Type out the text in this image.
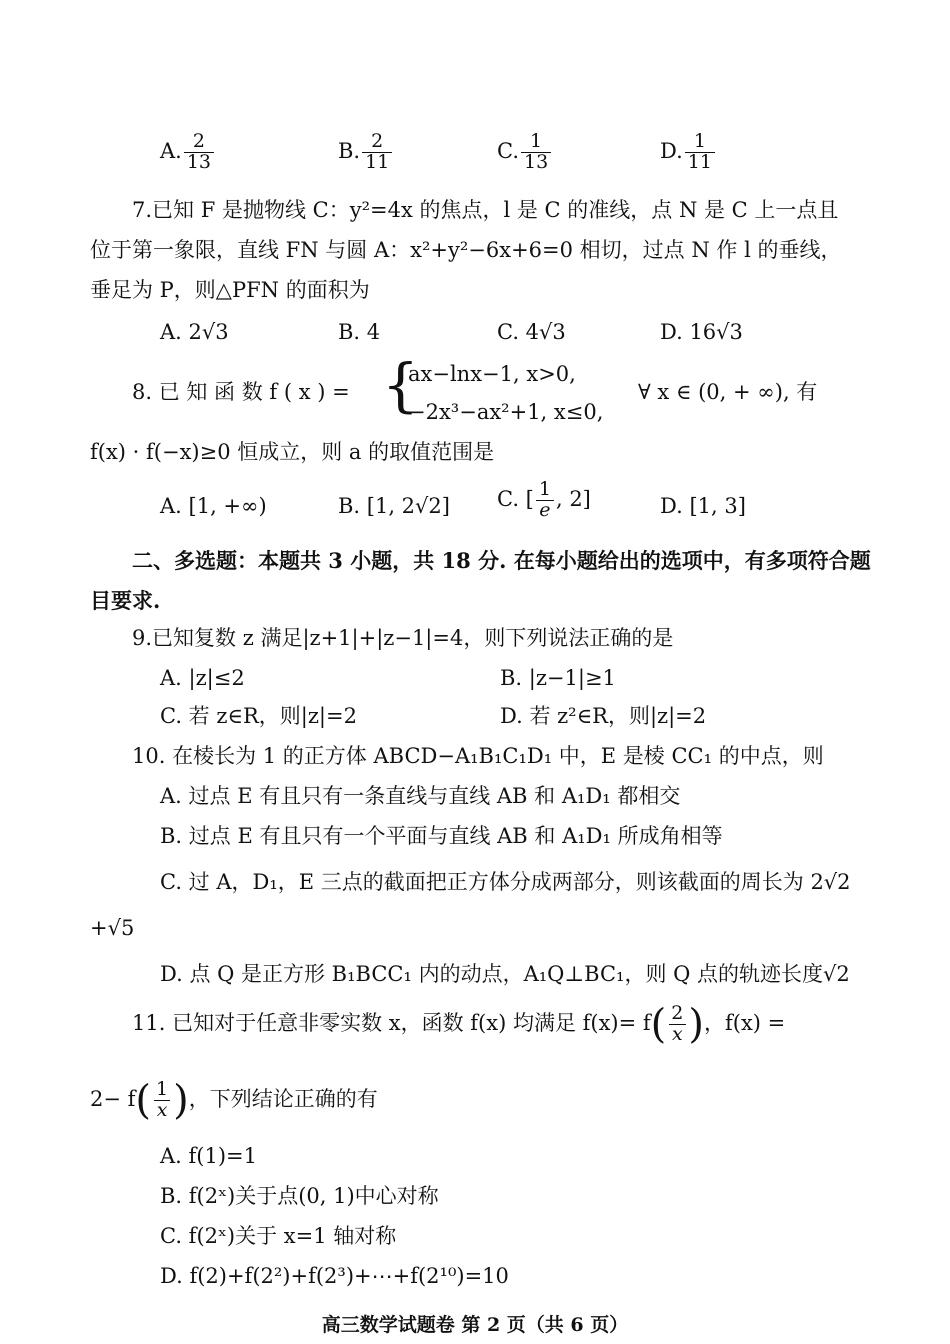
A. $\frac{2}{13}$	B. $\frac{2}{11}$	C. $\frac{1}{13}$	D. $\frac{1}{11}$
7.已知 F 是抛物线 C：y²=4x 的焦点，l 是 C 的准线，点 N 是 C 上一点且
位于第一象限，直线 FN 与圆 A：x²+y²−6x+6=0 相切，过点 N 作 l 的垂线，
垂足为 P，则△PFN 的面积为
A. 2√3	B. 4	C. 4√3	D. 16√3
8. 已 知 函 数 f ( x ) = {
ax−lnx−1, x>0,
−2x³−ax²+1, x≤0,
∀ x ∈ (0, + ∞), 有
f(x) · f(−x)≥0 恒成立，则 a 的取值范围是
A. [1, +∞)	B. [1, 2√2] C. [ $\frac{1}{e}$ , 2]	D. [1, 3]
二、多选题：本题共 3 小题，共 18 分. 在每小题给出的选项中，有多项符合题
目要求.
9.已知复数 z 满足|z+1|+|z−1|=4，则下列说法正确的是
A. |z|≤2	B. |z−1|≥1
C. 若 z∈R，则|z|=2	D. 若 z²∈R，则|z|=2
10. 在棱长为 1 的正方体 ABCD−A₁B₁C₁D₁ 中，E 是棱 CC₁ 的中点，则
A. 过点 E 有且只有一条直线与直线 AB 和 A₁D₁ 都相交
B. 过点 E 有且只有一个平面与直线 AB 和 A₁D₁ 所成角相等
C. 过 A，D₁，E 三点的截面把正方体分成两部分，则该截面的周长为 2√2
+√5
D. 点 Q 是正方形 B₁BCC₁ 内的动点，A₁Q⊥BC₁，则 Q 点的轨迹长度√2
11. 已知对于任意非零实数 x，函数 f(x) 均满足 $f(x)= f( \frac{2}{x}$ )，f(x) =
$2- f( \frac{1}{x}$ )，下列结论正确的有
A. f(1)=1
B. f(2ˣ)关于点(0, 1)中心对称
C. f(2ˣ)关于 x=1 轴对称
D. f(2)+f(2²)+f(2³)+⋯+f(2¹⁰)=10
高三数学试题卷 第 2 页（共 6 页）
